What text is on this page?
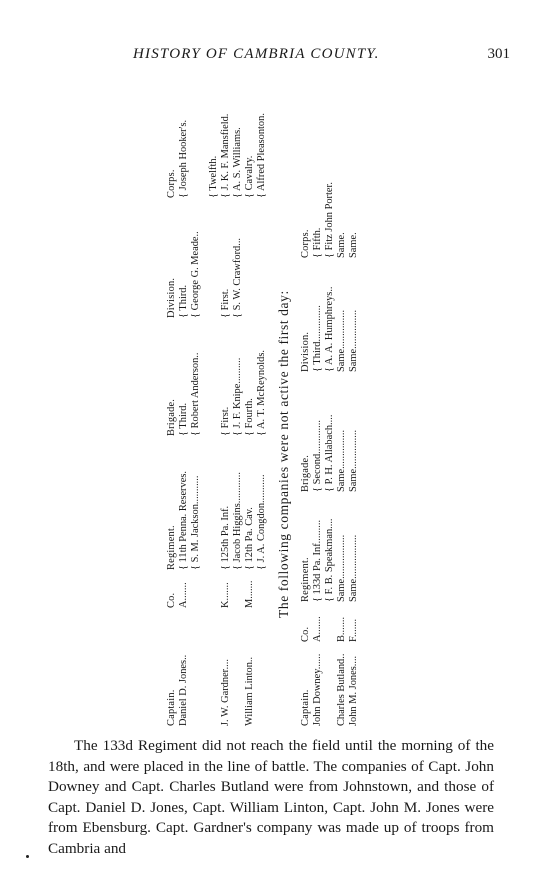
HISTORY OF CAMBRIA COUNTY.	301
Captain.
Co.
Regiment.
Brigade.
Division.
Corps.
Daniel D. Jones..
A.......
{ 11th Penna. Reserves.
{ Third.
{ Third.
{ Joseph Hooker's.
{ S. M. Jackson...........
{ Robert Anderson..
{ George G. Meade..
{ Twelfth.
J. W. Gardner....
K.......
{ 125th Pa. Inf.
{ First.
{ First.
{ J. K. F. Mansfield.
{ Jacob Higgins............
{ J. F. Knipe..........
{ S. W. Crawford...
{ A. S. Williams.
William Linton..
M.......
{ 12th Pa. Cav.
{ Fourth.
{ Cavalry.
{ J. A. Congdon...........
{ A. T. McReynolds.
{ Alfred Pleasonton.
The following companies were not active the first day:
Captain.
Co.
Regiment.
Brigade.
Division.
Corps.
John Downey......
A.......
{ 133d Pa. Inf.........
{ Second.............
{ Third..............
{ Fifth.
{ F. B. Speakman....
{ P. H. Allabach....
{ A. A. Humphreys..
{ Fitz John Porter.
Charles Butland..
B.......
Same.................
Same...............
Same...............
Same.
John M. Jones....
F.......
Same.................
Same...............
Same...............
Same.
The 133d Regiment did not reach the field until the morning of the 18th, and were placed in the line of battle. The companies of Capt. John Downey and Capt. Charles Butland were from Johnstown, and those of Capt. Daniel D. Jones, Capt. William Linton, Capt. John M. Jones were from Ebensburg. Capt. Gardner's company was made up of troops from Cambria and
